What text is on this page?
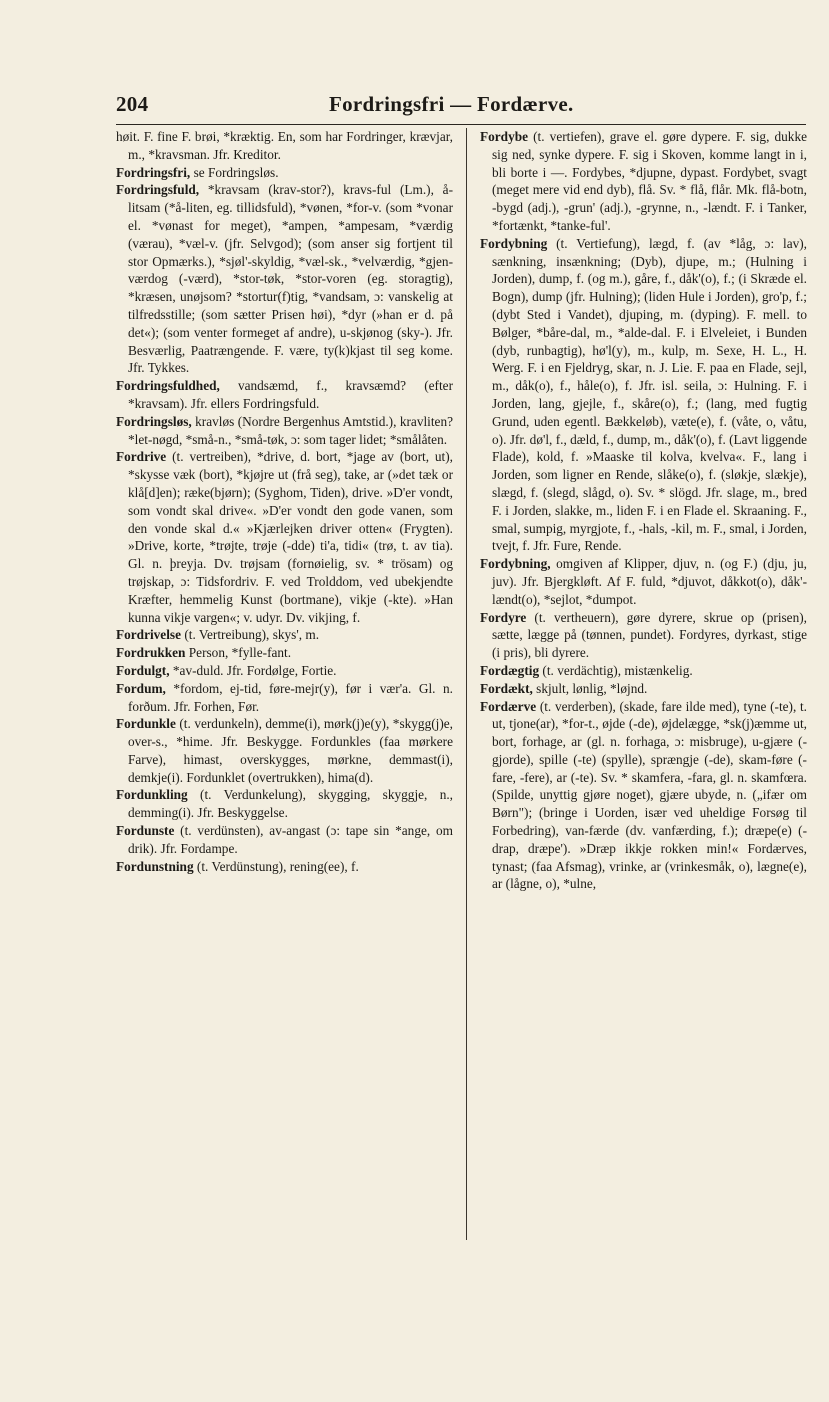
204	Fordringsfri — Fordærve.

høit. F. fine F. brøi, *kræktig. En, som har Fordringer, krævjar, m., *kravsman. Jfr. Kreditor.

Fordringsfri, se Fordringsløs.

Fordringsfuld, *kravsam (krav-stor?), kravs-ful (Lm.), å-litsam (*å-liten, eg. tillidsfuld), *vønen, *for-v. (som *vonar el. *vønast for meget), *ampen, *ampesam, *værdig (værau), *væl-v. (jfr. Selvgod); (som anser sig fortjent til stor Opmærks.), *sjøl'-skyldig, *væl-sk., *velværdig, *gjen-værdog (-værd), *stor-tøk, *stor-voren (eg. storagtig), *kræsen, unøjsom? *stortur(f)tig, *vandsam, ɔ: vanskelig at tilfredsstille; (som sætter Prisen høi), *dyr (»han er d. på det«); (som venter formeget af andre), u-skjønog (sky-). Jfr. Besværlig, Paatrængende. F. være, ty(k)kjast til seg kome. Jfr. Tykkes.

Fordringsfuldhed, vandsæmd, f., kravsæmd? (efter *kravsam). Jfr. ellers Fordringsfuld.

Fordringsløs, kravløs (Nordre Bergenhus Amtstid.), kravliten? *let-nøgd, *små-n., *små-tøk, ɔ: som tager lidet; *smålåten.

Fordrive (t. vertreiben), *drive, d. bort, *jage av (bort, ut), *skysse væk (bort), *kjøjre ut (frå seg), take, ar (»det tæk or klå[d]en); ræke(bjørn); (Syghom, Tiden), drive. »D'er vondt, som vondt skal drive«. »D'er vondt den gode vanen, som den vonde skal d.« »Kjærlejken driver otten« (Frygten). »Drive, korte, *trøjte, trøje (-dde) ti'a, tidi« (trø, t. av tia). Gl. n. þreyja. Dv. trøjsam (fornøielig, sv. * trösam) og trøjskap, ɔ: Tidsfordriv. F. ved Trolddom, ved ubekjendte Kræfter, hemmelig Kunst (bortmane), vikje (-kte). »Han kunna vikje vargen«; v. udyr. Dv. vikjing, f.

Fordrivelse (t. Vertreibung), skys', m.

Fordrukken Person, *fylle-fant.

Fordulgt, *av-duld. Jfr. Fordølge, Fortie.

Fordum, *fordom, ej-tid, føre-mejr(y), før i vær'a. Gl. n. forðum. Jfr. Forhen, Før.

Fordunkle (t. verdunkeln), demme(i), mørk(j)e(y), *skygg(j)e, over-s., *hime. Jfr. Beskygge. Fordunkles (faa mørkere Farve), himast, overskygges, mørkne, demmast(i), demkje(i). Fordunklet (overtrukken), hima(d).

Fordunkling (t. Verdunkelung), skygging, skyggje, n., demming(i). Jfr. Beskyggelse.

Fordunste (t. verdünsten), av-angast (ɔ: tape sin *ange, om drik). Jfr. Fordampe.

Fordunstning (t. Verdünstung), rening(ee), f.

Fordybe (t. vertiefen), grave el. gøre dypere. F. sig, dukke sig ned, synke dypere. F. sig i Skoven, komme langt in i, bli borte i —. Fordybes, *djupne, dypast. Fordybet, svagt (meget mere vid end dyb), flå. Sv. * flå, flår. Mk. flå-botn, -bygd (adj.), -grun' (adj.), -grynne, n., -lændt. F. i Tanker, *fortænkt, *tanke-ful'.

Fordybning (t. Vertiefung), lægd, f. (av *låg, ɔ: lav), sænkning, insænkning; (Dyb), djupe, m.; (Hulning i Jorden), dump, f. (og m.), gåre, f., dåk'(o), f.; (i Skræde el. Bogn), dump (jfr. Hulning); (liden Hule i Jorden), gro'p, f.; (dybt Sted i Vandet), djuping, m. (dyping). F. mell. to Bølger, *båre-dal, m., *alde-dal. F. i Elveleiet, i Bunden (dyb, runbagtig), hø'l(y), m., kulp, m. Sexe, H. L., H. Werg. F. i en Fjeldryg, skar, n. J. Lie. F. paa en Flade, sejl, m., dåk(o), f., håle(o), f. Jfr. isl. seila, ɔ: Hulning. F. i Jorden, lang, gjejle, f., skåre(o), f.; (lang, med fugtig Grund, uden egentl. Bækkeløb), væte(e), f. (våte, o, våtu, o). Jfr. dø'l, f., dæld, f., dump, m., dåk'(o), f. (Lavt liggende Flade), kold, f. »Maaske til kolva, kvelva«. F., lang i Jorden, som ligner en Rende, slåke(o), f. (sløkje, slækje), slægd, f. (slegd, slågd, o). Sv. * slögd. Jfr. slage, m., bred F. i Jorden, slakke, m., liden F. i en Flade el. Skraaning. F., smal, sumpig, myrgjote, f., -hals, -kil, m. F., smal, i Jorden, tvejt, f. Jfr. Fure, Rende.

Fordybning, omgiven af Klipper, djuv, n. (og F.) (dju, ju, juv). Jfr. Bjergkløft. Af F. fuld, *djuvot, dåkkot(o), dåk'-lændt(o), *sejlot, *dumpot.

Fordyre (t. vertheuern), gøre dyrere, skrue op (prisen), sætte, lægge på (tønnen, pundet). Fordyres, dyrkast, stige (i pris), bli dyrere.

Fordægtig (t. verdächtig), mistænkelig.

Fordækt, skjult, lønlig, *løjnd.

Fordærve (t. verderben), (skade, fare ilde med), tyne (-te), t. ut, tjone(ar), *for-t., øjde (-de), øjdelægge, *sk(j)æmme ut, bort, forhage, ar (gl. n. forhaga, ɔ: misbruge), u-gjære (-gjorde), spille (-te) (spylle), sprængje (-de), skam-føre (-fare, -fere), ar (-te). Sv. * skamfera, -fara, gl. n. skamfœra. (Spilde, unyttig gjøre noget), gjære ubyde, n. („ifær om Børn"); (bringe i Uorden, især ved uheldige Forsøg til Forbedring), van-færde (dv. vanfærding, f.); dræpe(e) (-drap, dræpe'). »Dræp ikkje rokken min!« Fordærves, tynast; (faa Afsmag), vrinke, ar (vrinkesmåk, o), lægne(e), ar (lågne, o), *ulne,
